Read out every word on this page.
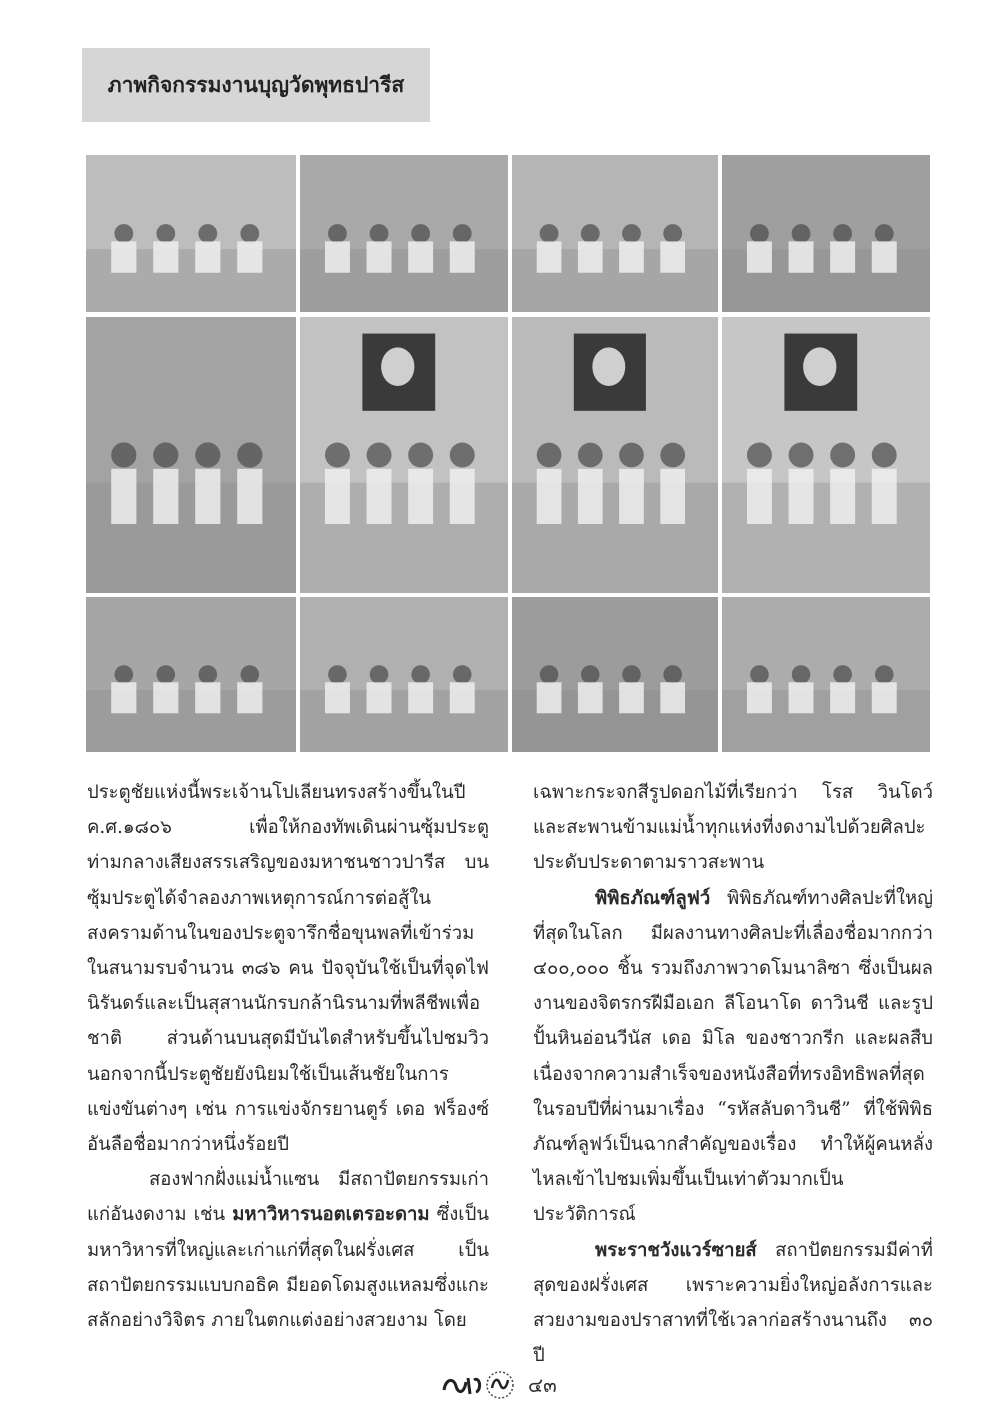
ภาพกิจกรรมงานบุญวัดพุทธปารีส

ประตูชัยแห่งนี้พระเจ้านโปเลียนทรงสร้างขึ้นในปี ค.ศ.๑๘๐๖ เพื่อให้กองทัพเดินผ่านซุ้มประตูท่ามกลางเสียงสรรเสริญของมหาชนชาวปารีส บนซุ้มประตูได้จำลองภาพเหตุการณ์การต่อสู้ในสงครามด้านในของประตูจารึกชื่อขุนพลที่เข้าร่วมในสนามรบจำนวน ๓๘๖ คน ปัจจุบันใช้เป็นที่จุดไฟนิรันดร์และเป็นสุสานนักรบกล้านิรนามที่พลีชีพเพื่อชาติ ส่วนด้านบนสุดมีบันไดสำหรับขึ้นไปชมวิว นอกจากนี้ประตูชัยยังนิยมใช้เป็นเส้นชัยในการแข่งขันต่างๆ เช่น การแข่งจักรยานตูร์ เดอ ฟร็องซ์ อันลือชื่อมากว่าหนึ่งร้อยปี

สองฟากฝั่งแม่น้ำแซน มีสถาปัตยกรรมเก่าแก่อันงดงาม เช่น มหาวิหารนอตเตรอะดาม ซึ่งเป็นมหาวิหารที่ใหญ่และเก่าแก่ที่สุดในฝรั่งเศส เป็นสถาปัตยกรรมแบบกอธิค มียอดโดมสูงแหลมซึ่งแกะสลักอย่างวิจิตร ภายในตกแต่งอย่างสวยงาม โดย

เฉพาะกระจกสีรูปดอกไม้ที่เรียกว่า โรส วินโดว์ และสะพานข้ามแม่น้ำทุกแห่งที่งดงามไปด้วยศิลปะประดับประดาตามราวสะพาน

พิพิธภัณฑ์ลูฟว์ พิพิธภัณฑ์ทางศิลปะที่ใหญ่ที่สุดในโลก มีผลงานทางศิลปะที่เลื่องชื่อมากกว่า ๔๐๐,๐๐๐ ชิ้น รวมถึงภาพวาดโมนาลิซา ซึ่งเป็นผลงานของจิตรกรฝีมือเอก ลีโอนาโด ดาวินชี และรูปปั้นหินอ่อนวีนัส เดอ มิโล ของชาวกรีก และผลสืบเนื่องจากความสำเร็จของหนังสือที่ทรงอิทธิพลที่สุดในรอบปีที่ผ่านมาเรื่อง “รหัสลับดาวินชี” ที่ใช้พิพิธภัณฑ์ลูฟว์เป็นฉากสำคัญของเรื่อง ทำให้ผู้คนหลั่งไหลเข้าไปชมเพิ่มขึ้นเป็นเท่าตัวมากเป็นประวัติการณ์

พระราชวังแวร์ซายส์ สถาปัตยกรรมมีค่าที่สุดของฝรั่งเศส เพราะความยิ่งใหญ่อลังการและสวยงามของปราสาทที่ใช้เวลาก่อสร้างนานถึง ๓๐ ปี

๔๓
